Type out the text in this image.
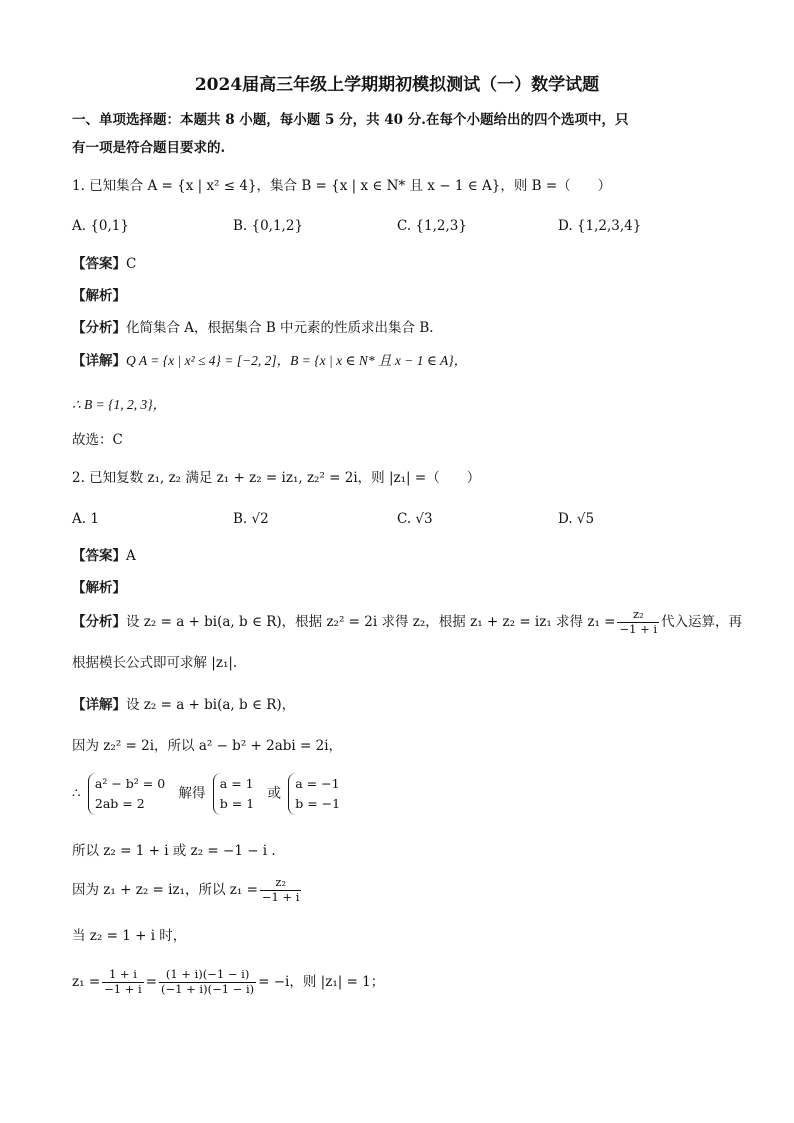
2024届高三年级上学期期初模拟测试（一）数学试题
一、单项选择题：本题共 8 小题，每小题 5 分，共 40 分.在每个小题给出的四个选项中，只
有一项是符合题目要求的.
1. 已知集合 A = {x | x² ≤ 4}，集合 B = {x | x ∈ N* 且 x − 1 ∈ A}，则 B =（　　）
A. {0,1}	B. {0,1,2}	C. {1,2,3}	D. {1,2,3,4}
【答案】C
【解析】
【分析】化简集合 A，根据集合 B 中元素的性质求出集合 B.
【详解】Q A = {x | x² ≤ 4} = [−2, 2]，B = {x | x ∈ N* 且 x − 1 ∈ A}，
∴ B = {1, 2, 3}，
故选：C
2. 已知复数 z₁, z₂ 满足 z₁ + z₂ = iz₁, z₂² = 2i，则 |z₁| =（　　）
A. 1	B. √2	C. √3	D. √5
【答案】A
【解析】
【分析】设 z₂ = a + bi(a, b ∈ R)，根据 z₂² = 2i 求得 z₂，根据 z₁ + z₂ = iz₁ 求得 $z_1 = \frac{\text{z₂}}{-1 + i}$ 代入运算，再
根据模长公式即可求解 |z₁|.
【详解】设 z₂ = a + bi(a, b ∈ R)，
因为 z₂² = 2i，所以 a² − b² + 2abi = 2i，
∴
a² − b² = 0
2ab = 2
解得
a = 1
b = 1
或
a = −1
b = −1
所以 z₂ = 1 + i 或 z₂ = −1 − i .
因为 z₁ + z₂ = iz₁，所以 $z_1 = \frac{\text{z₂}}{-1 + i}$
当 z₂ = 1 + i 时，
$z_1 = \frac{1 + i}{-1 + i} = \frac{(1 + i)(-1 - i)}{(-1 + i)(-1 - i)} = -i$，则 |z₁| = 1；
